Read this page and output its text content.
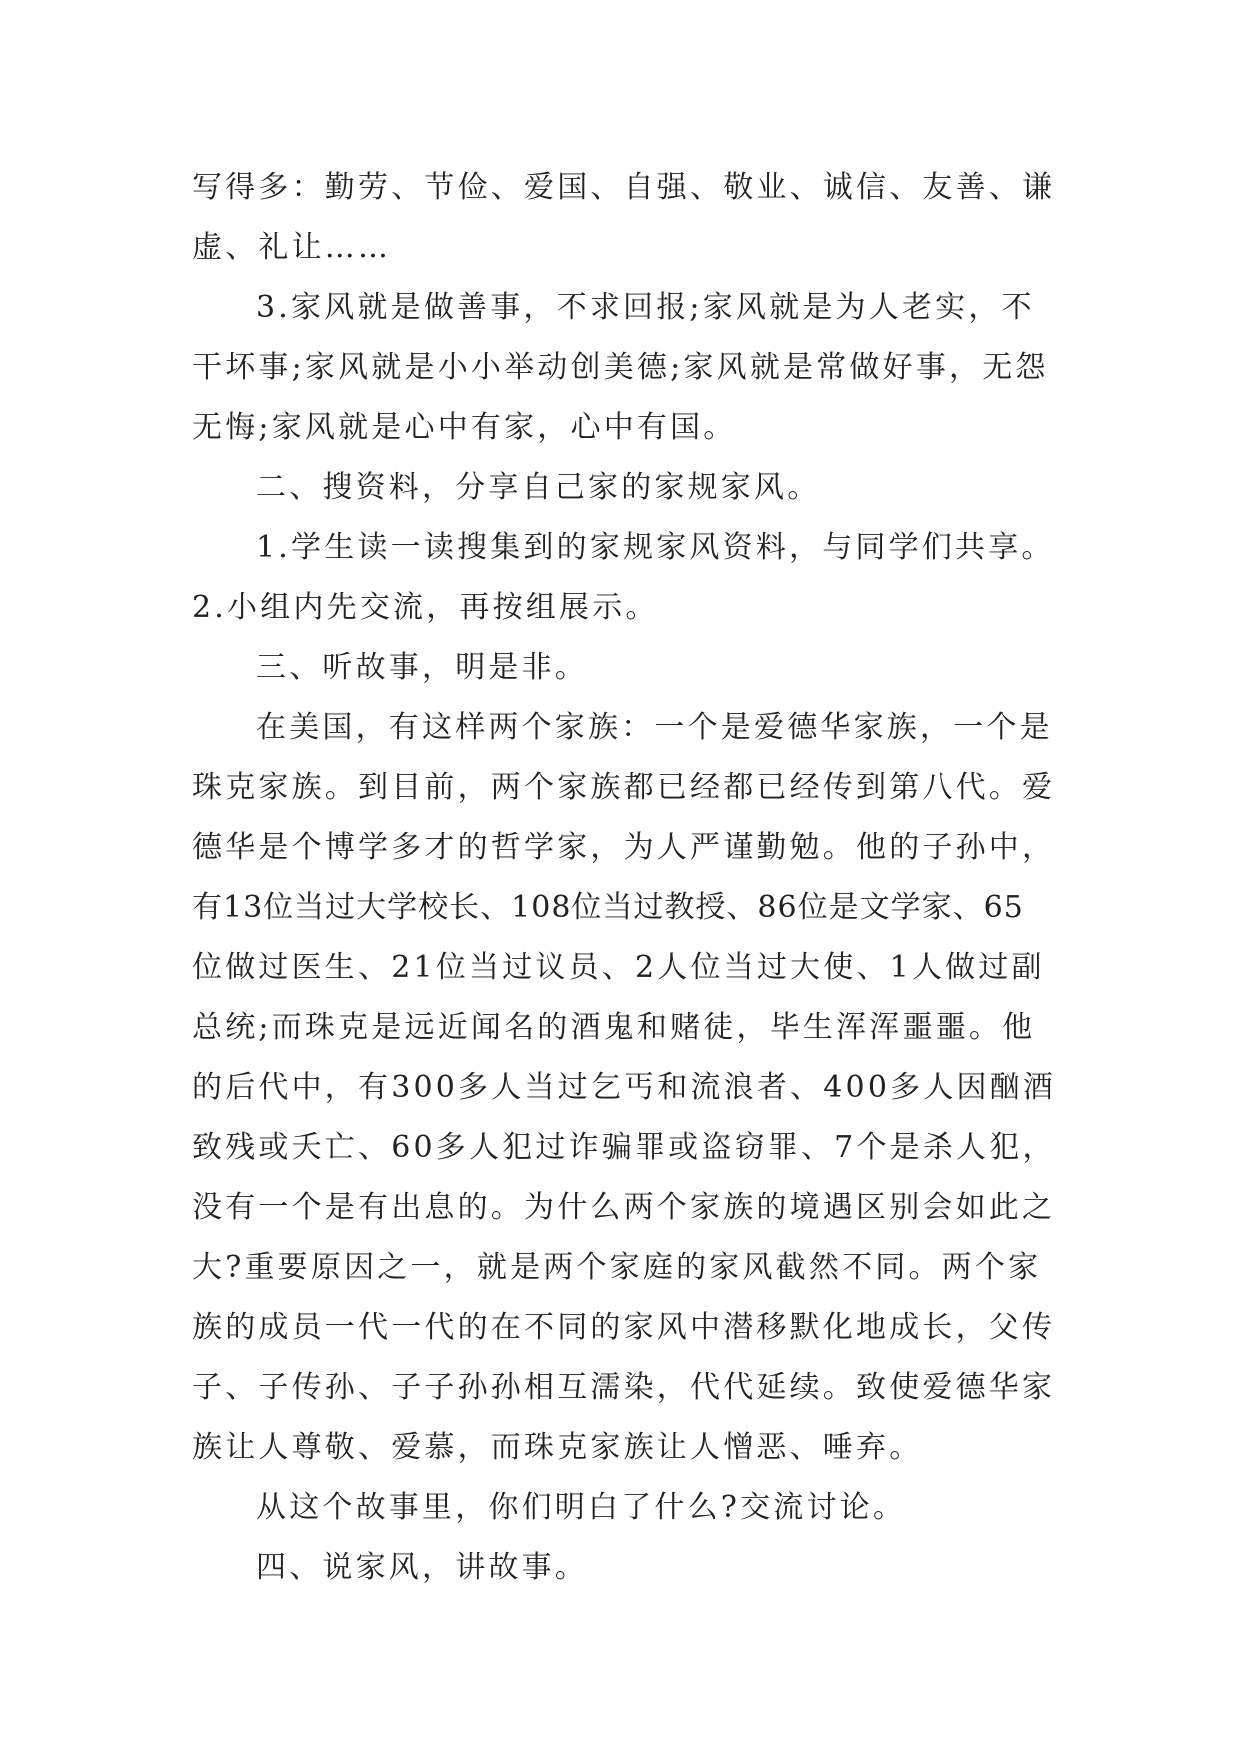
写得多：勤劳、节俭、爱国、自强、敬业、诚信、友善、谦
虚、礼让……
3.家风就是做善事，不求回报;家风就是为人老实，不
干坏事;家风就是小小举动创美德;家风就是常做好事，无怨
无悔;家风就是心中有家，心中有国。
二、搜资料，分享自己家的家规家风。
1.学生读一读搜集到的家规家风资料，与同学们共享。
2.小组内先交流，再按组展示。
三、听故事，明是非。
在美国，有这样两个家族：一个是爱德华家族，一个是
珠克家族。到目前，两个家族都已经都已经传到第八代。爱
德华是个博学多才的哲学家，为人严谨勤勉。他的子孙中，
有13位当过大学校长、108位当过教授、86位是文学家、65
位做过医生、21位当过议员、2人位当过大使、1人做过副
总统;而珠克是远近闻名的酒鬼和赌徒，毕生浑浑噩噩。他
的后代中，有300多人当过乞丐和流浪者、400多人因酗酒
致残或夭亡、60多人犯过诈骗罪或盗窃罪、7个是杀人犯，
没有一个是有出息的。为什么两个家族的境遇区别会如此之
大?重要原因之一，就是两个家庭的家风截然不同。两个家
族的成员一代一代的在不同的家风中潜移默化地成长，父传
子、子传孙、子子孙孙相互濡染，代代延续。致使爱德华家
族让人尊敬、爱慕，而珠克家族让人憎恶、唾弃。
从这个故事里，你们明白了什么?交流讨论。
四、说家风，讲故事。
